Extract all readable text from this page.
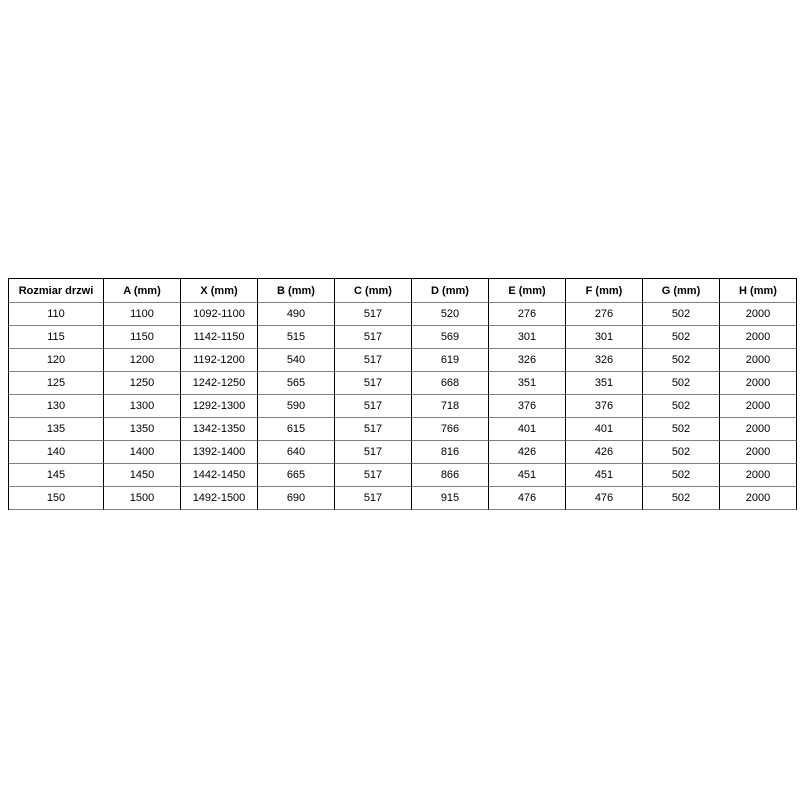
Rozmiar drzwi	A (mm)	X (mm)	B (mm)	C (mm)	D (mm)	E (mm)	F (mm)	G (mm)	H (mm)
110	1100	1092-1100	490	517	520	276	276	502	2000
115	1150	1142-1150	515	517	569	301	301	502	2000
120	1200	1192-1200	540	517	619	326	326	502	2000
125	1250	1242-1250	565	517	668	351	351	502	2000
130	1300	1292-1300	590	517	718	376	376	502	2000
135	1350	1342-1350	615	517	766	401	401	502	2000
140	1400	1392-1400	640	517	816	426	426	502	2000
145	1450	1442-1450	665	517	866	451	451	502	2000
150	1500	1492-1500	690	517	915	476	476	502	2000
